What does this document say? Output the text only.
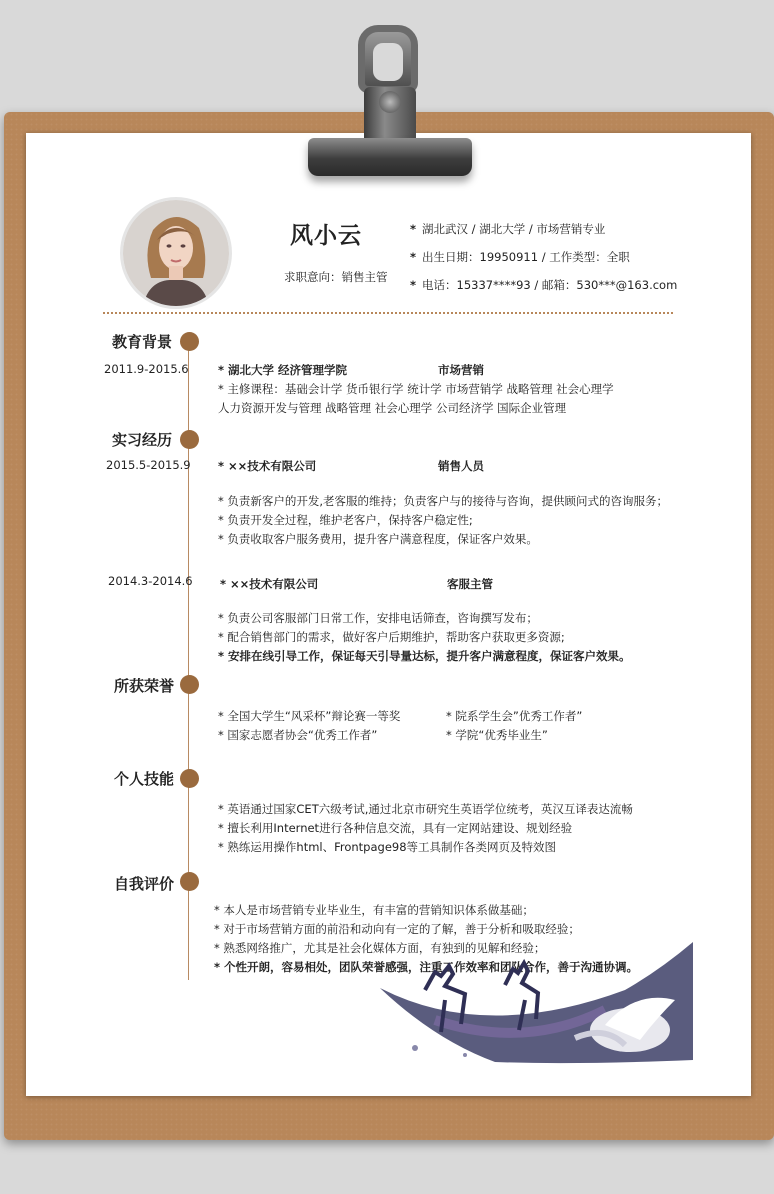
风小云
求职意向：销售主管
* 湖北武汉 / 湖北大学 / 市场营销专业
* 出生日期：19950911 / 工作类型：全职
* 电话：15337****93 / 邮箱：530***@163.com
教育背景
2011.9-2015.6	* 湖北大学 经济管理学院	市场营销
* 主修课程：基础会计学 货币银行学 统计学 市场营销学 战略管理 社会心理学
人力资源开发与管理 战略管理 社会心理学 公司经济学 国际企业管理
实习经历
2015.5-2015.9 * ××技术有限公司	销售人员
* 负责新客户的开发,老客服的维持；负责客户与的接待与咨询，提供顾问式的咨询服务；
* 负责开发全过程，维护老客户，保持客户稳定性;
* 负责收取客户服务费用，提升客户满意程度，保证客户效果。
2014.3-2014.6 * ××技术有限公司	客服主管
* 负责公司客服部门日常工作，安排电话筛查，咨询撰写发布；
* 配合销售部门的需求，做好客户后期维护，帮助客户获取更多资源;
* 安排在线引导工作，保证每天引导量达标，提升客户满意程度，保证客户效果。
所获荣誉
* 全国大学生“风采杯”辩论赛一等奖	* 院系学生会”优秀工作者”
* 国家志愿者协会“优秀工作者”	* 学院“优秀毕业生”
个人技能
* 英语通过国家CET六级考试,通过北京市研究生英语学位统考，英汉互译表达流畅
* 擅长利用Internet进行各种信息交流，具有一定网站建设、规划经验
* 熟练运用操作html、Frontpage98等工具制作各类网页及特效图
自我评价
* 本人是市场营销专业毕业生，有丰富的营销知识体系做基础；
* 对于市场营销方面的前沿和动向有一定的了解，善于分析和吸取经验；
* 熟悉网络推广，尤其是社会化媒体方面，有独到的见解和经验；
* 个性开朗，容易相处，团队荣誉感强，注重工作效率和团队合作，善于沟通协调。
